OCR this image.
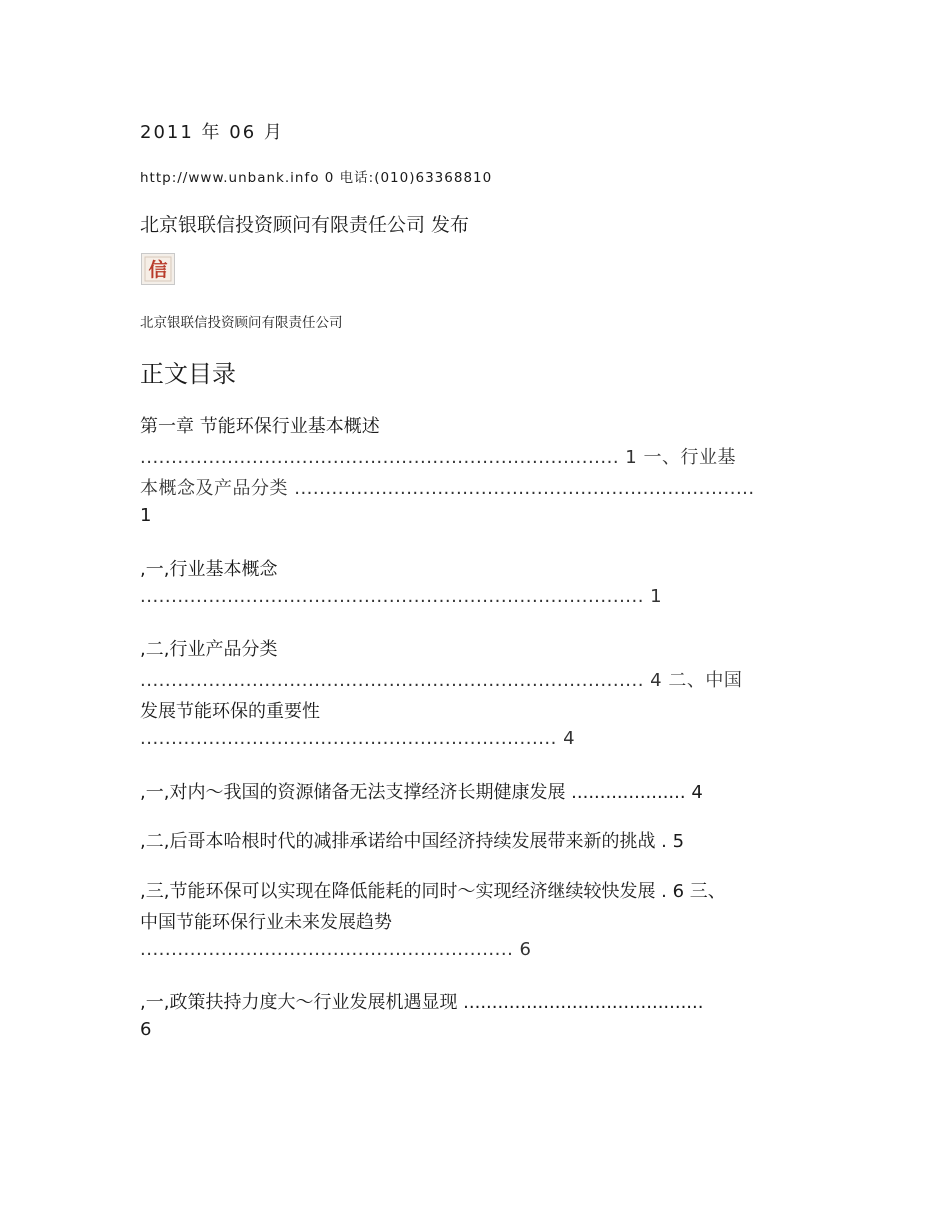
2011 年 06 月
http://www.unbank.info 0 电话:(010)63368810
北京银联信投资顾问有限责任公司 发布
信
北京银联信投资顾问有限责任公司
正文目录
第一章 节能环保行业基本概述
............................................................................. 1 一、行业基
本概念及产品分类 ..........................................................................
1
,一,行业基本概念
................................................................................. 1
,二,行业产品分类
................................................................................. 4 二、中国
发展节能环保的重要性
................................................................... 4
,一,对内～我国的资源储备无法支撑经济长期健康发展 .................... 4
,二,后哥本哈根时代的减排承诺给中国经济持续发展带来新的挑战 . 5
,三,节能环保可以实现在降低能耗的同时～实现经济继续较快发展 . 6 三、
中国节能环保行业未来发展趋势
............................................................ 6
,一,政策扶持力度大～行业发展机遇显现 ..........................................
6
